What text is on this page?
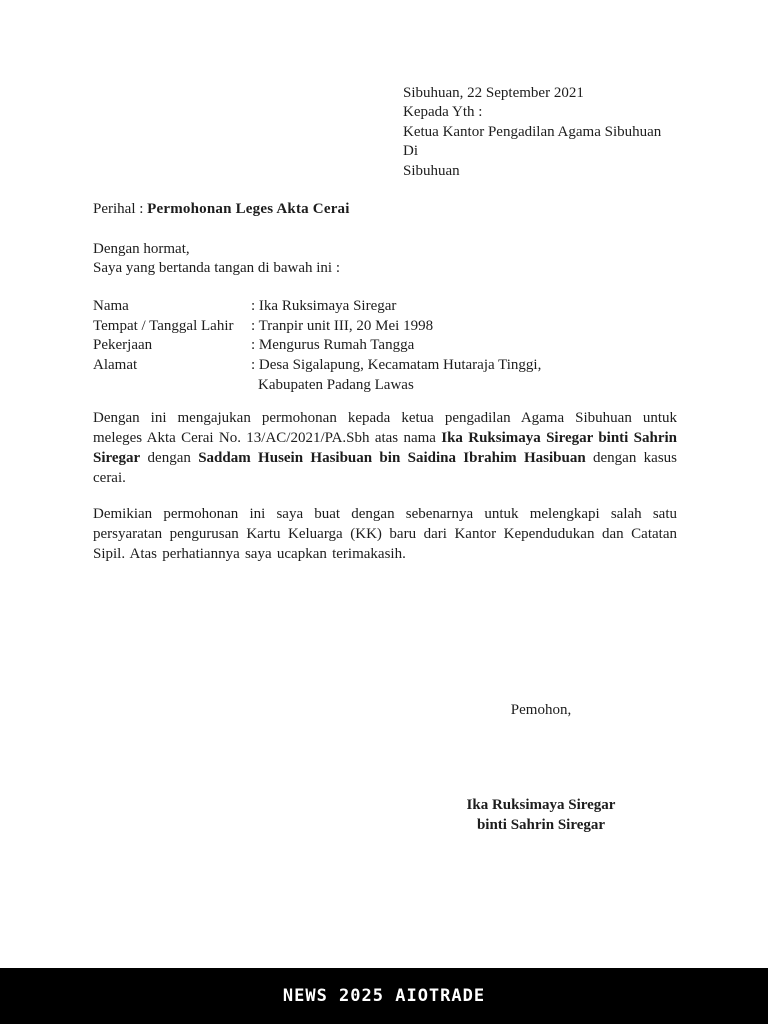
Sibuhuan, 22 September 2021
Kepada Yth :
Ketua Kantor Pengadilan Agama Sibuhuan
Di
Sibuhuan
Perihal : Permohonan Leges Akta Cerai
Dengan hormat,
Saya yang bertanda tangan di bawah ini :
Nama	: Ika Ruksimaya Siregar
Tempat / Tanggal Lahir	: Tranpir unit III, 20 Mei 1998
Pekerjaan	: Mengurus Rumah Tangga
Alamat	: Desa Sigalapung, Kecamatam Hutaraja Tinggi,
Kabupaten Padang Lawas
Dengan ini mengajukan permohonan kepada ketua pengadilan Agama Sibuhuan untuk meleges Akta Cerai No. 13/AC/2021/PA.Sbh atas nama Ika Ruksimaya Siregar binti Sahrin Siregar dengan Saddam Husein Hasibuan bin Saidina Ibrahim Hasibuan dengan kasus cerai.
Demikian permohonan ini saya buat dengan sebenarnya untuk melengkapi salah satu persyaratan pengurusan Kartu Keluarga (KK) baru dari Kantor Kependudukan dan Catatan Sipil. Atas perhatiannya saya ucapkan terimakasih.
Pemohon,
Ika Ruksimaya Siregar
binti Sahrin Siregar
NEWS 2025 AIOTRADE
